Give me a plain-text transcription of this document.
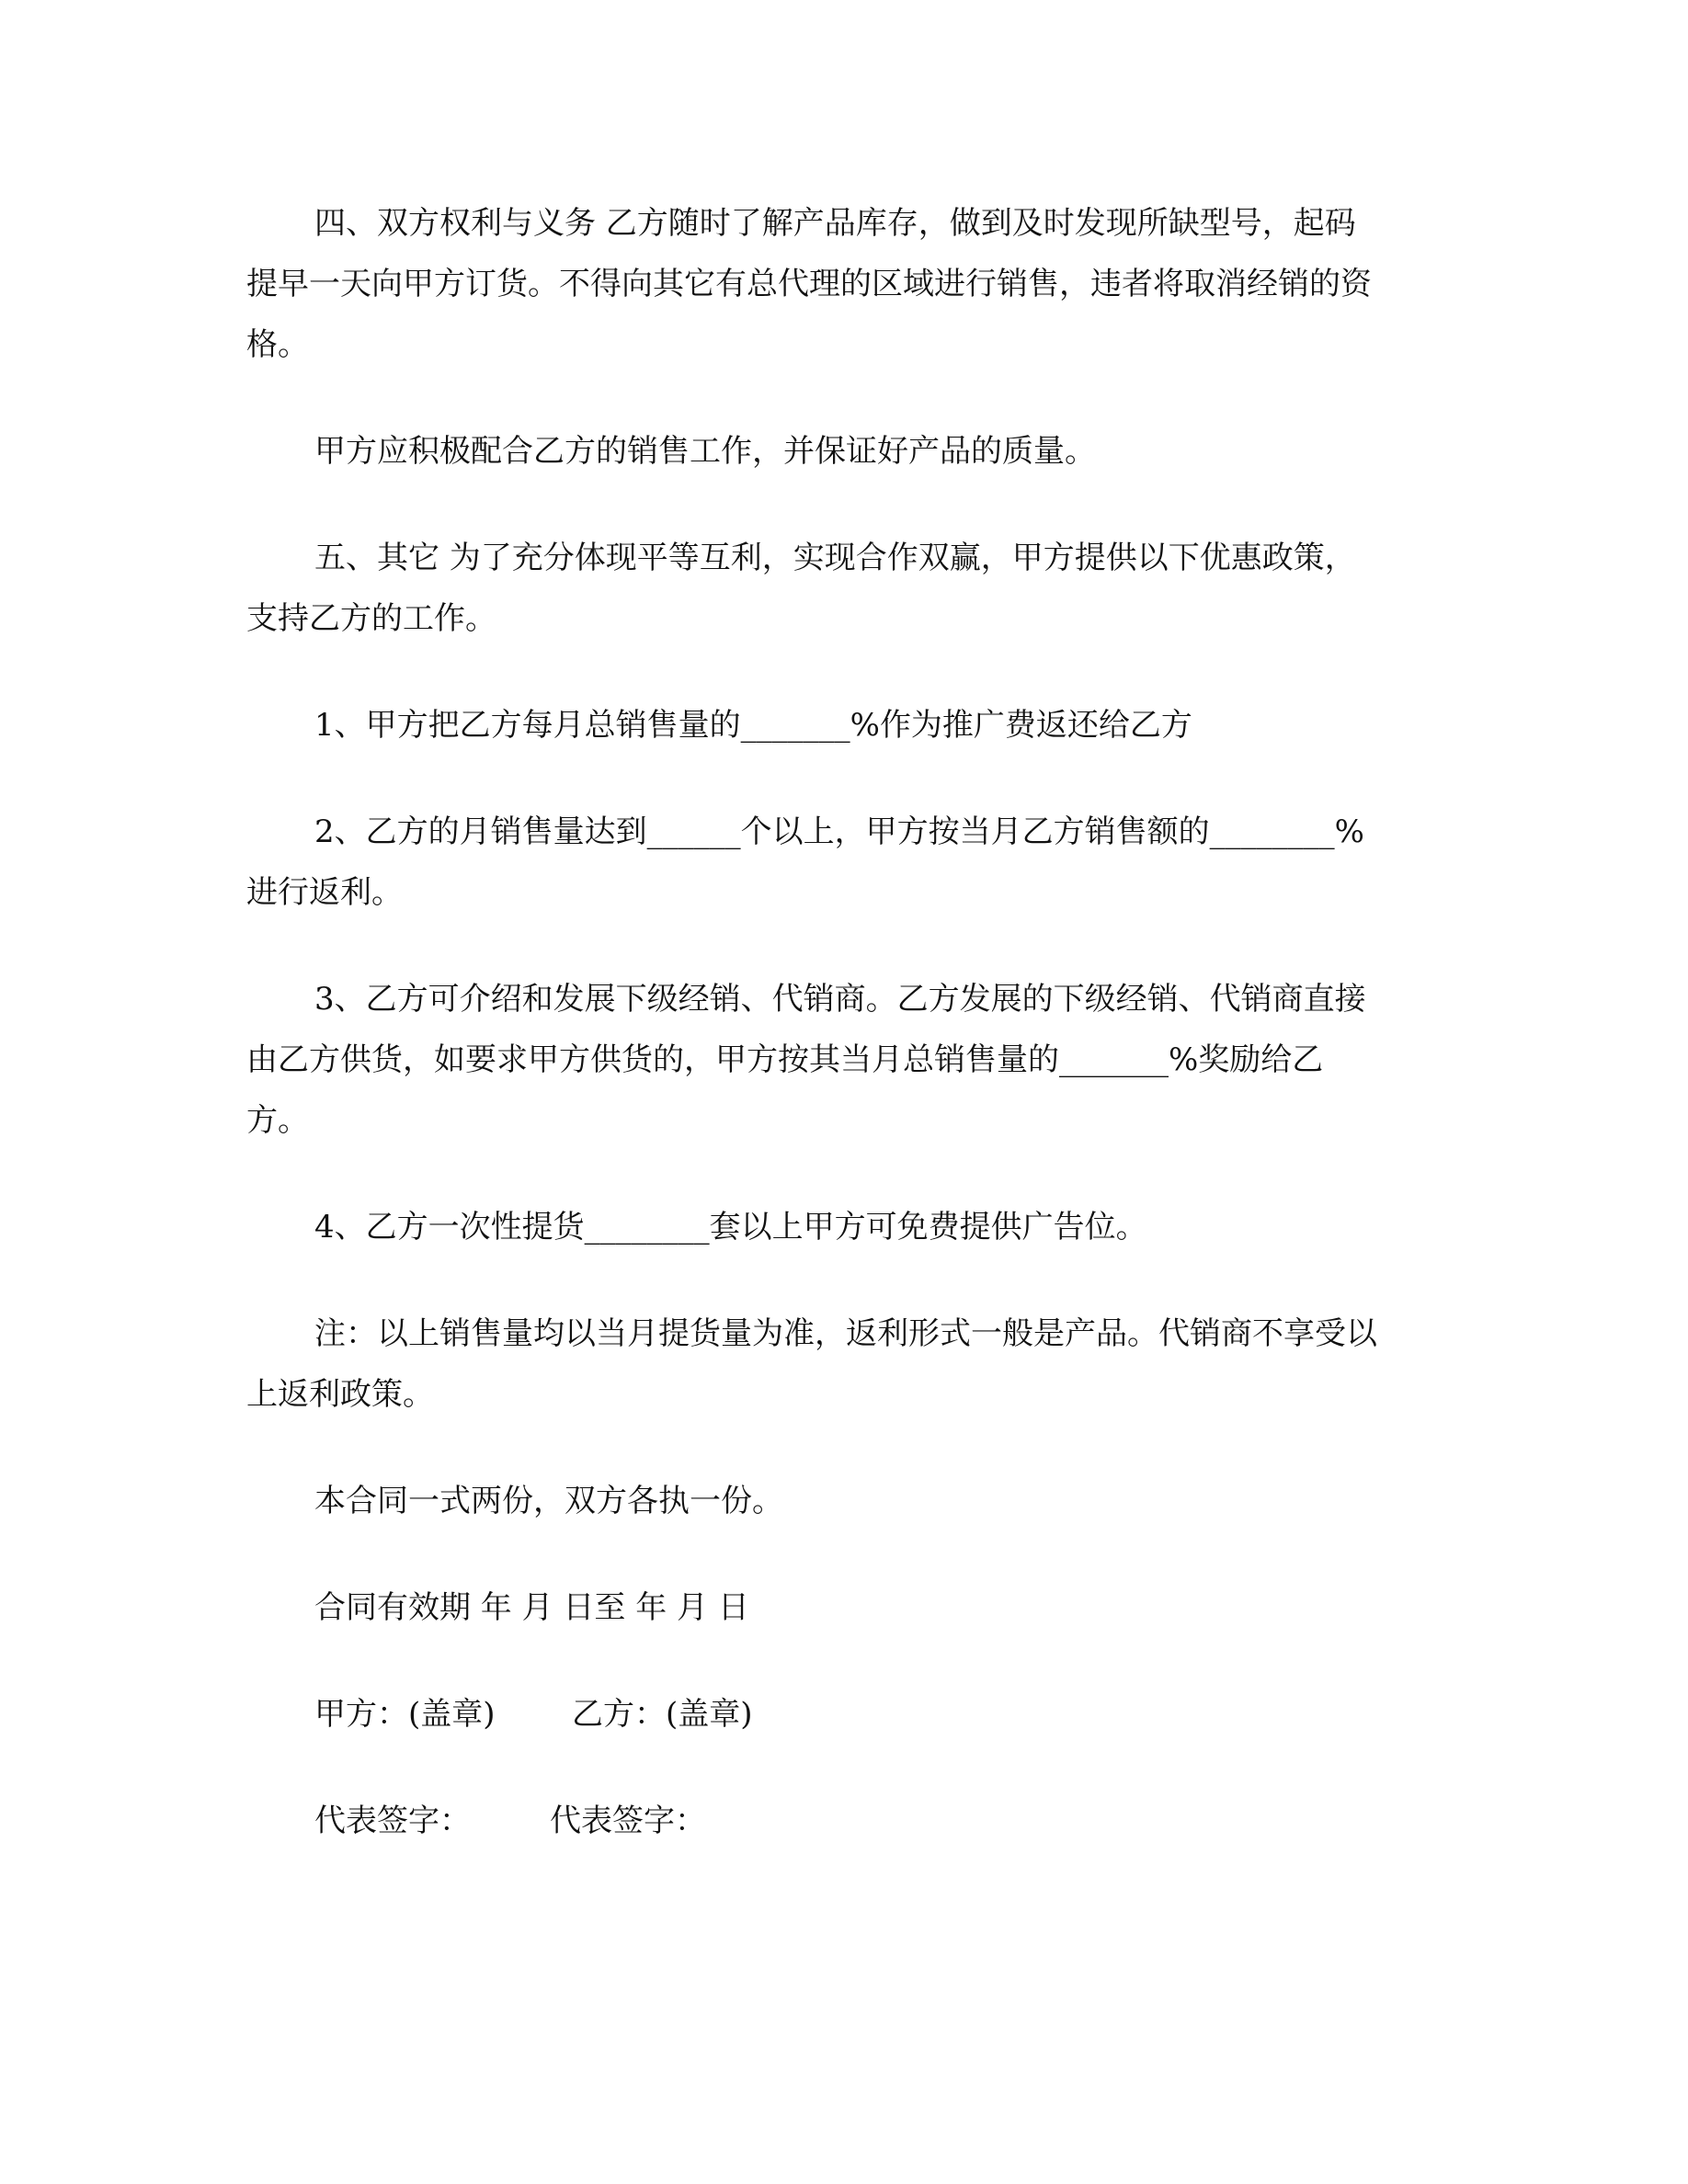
四、双方权利与义务 乙方随时了解产品库存，做到及时发现所缺型号，起码
提早一天向甲方订货。不得向其它有总代理的区域进行销售，违者将取消经销的资
格。

甲方应积极配合乙方的销售工作，并保证好产品的质量。

五、其它 为了充分体现平等互利，实现合作双赢，甲方提供以下优惠政策，
支持乙方的工作。

1、甲方把乙方每月总销售量的_______%作为推广费返还给乙方

2、乙方的月销售量达到______个以上，甲方按当月乙方销售额的________%
进行返利。

3、乙方可介绍和发展下级经销、代销商。乙方发展的下级经销、代销商直接
由乙方供货，如要求甲方供货的，甲方按其当月总销售量的_______%奖励给乙
方。

4、乙方一次性提货________套以上甲方可免费提供广告位。

注：以上销售量均以当月提货量为准，返利形式一般是产品。代销商不享受以
上返利政策。

本合同一式两份，双方各执一份。

合同有效期 年 月 日至 年 月 日

甲方：(盖章) 乙方：(盖章)

代表签字：	代表签字：
